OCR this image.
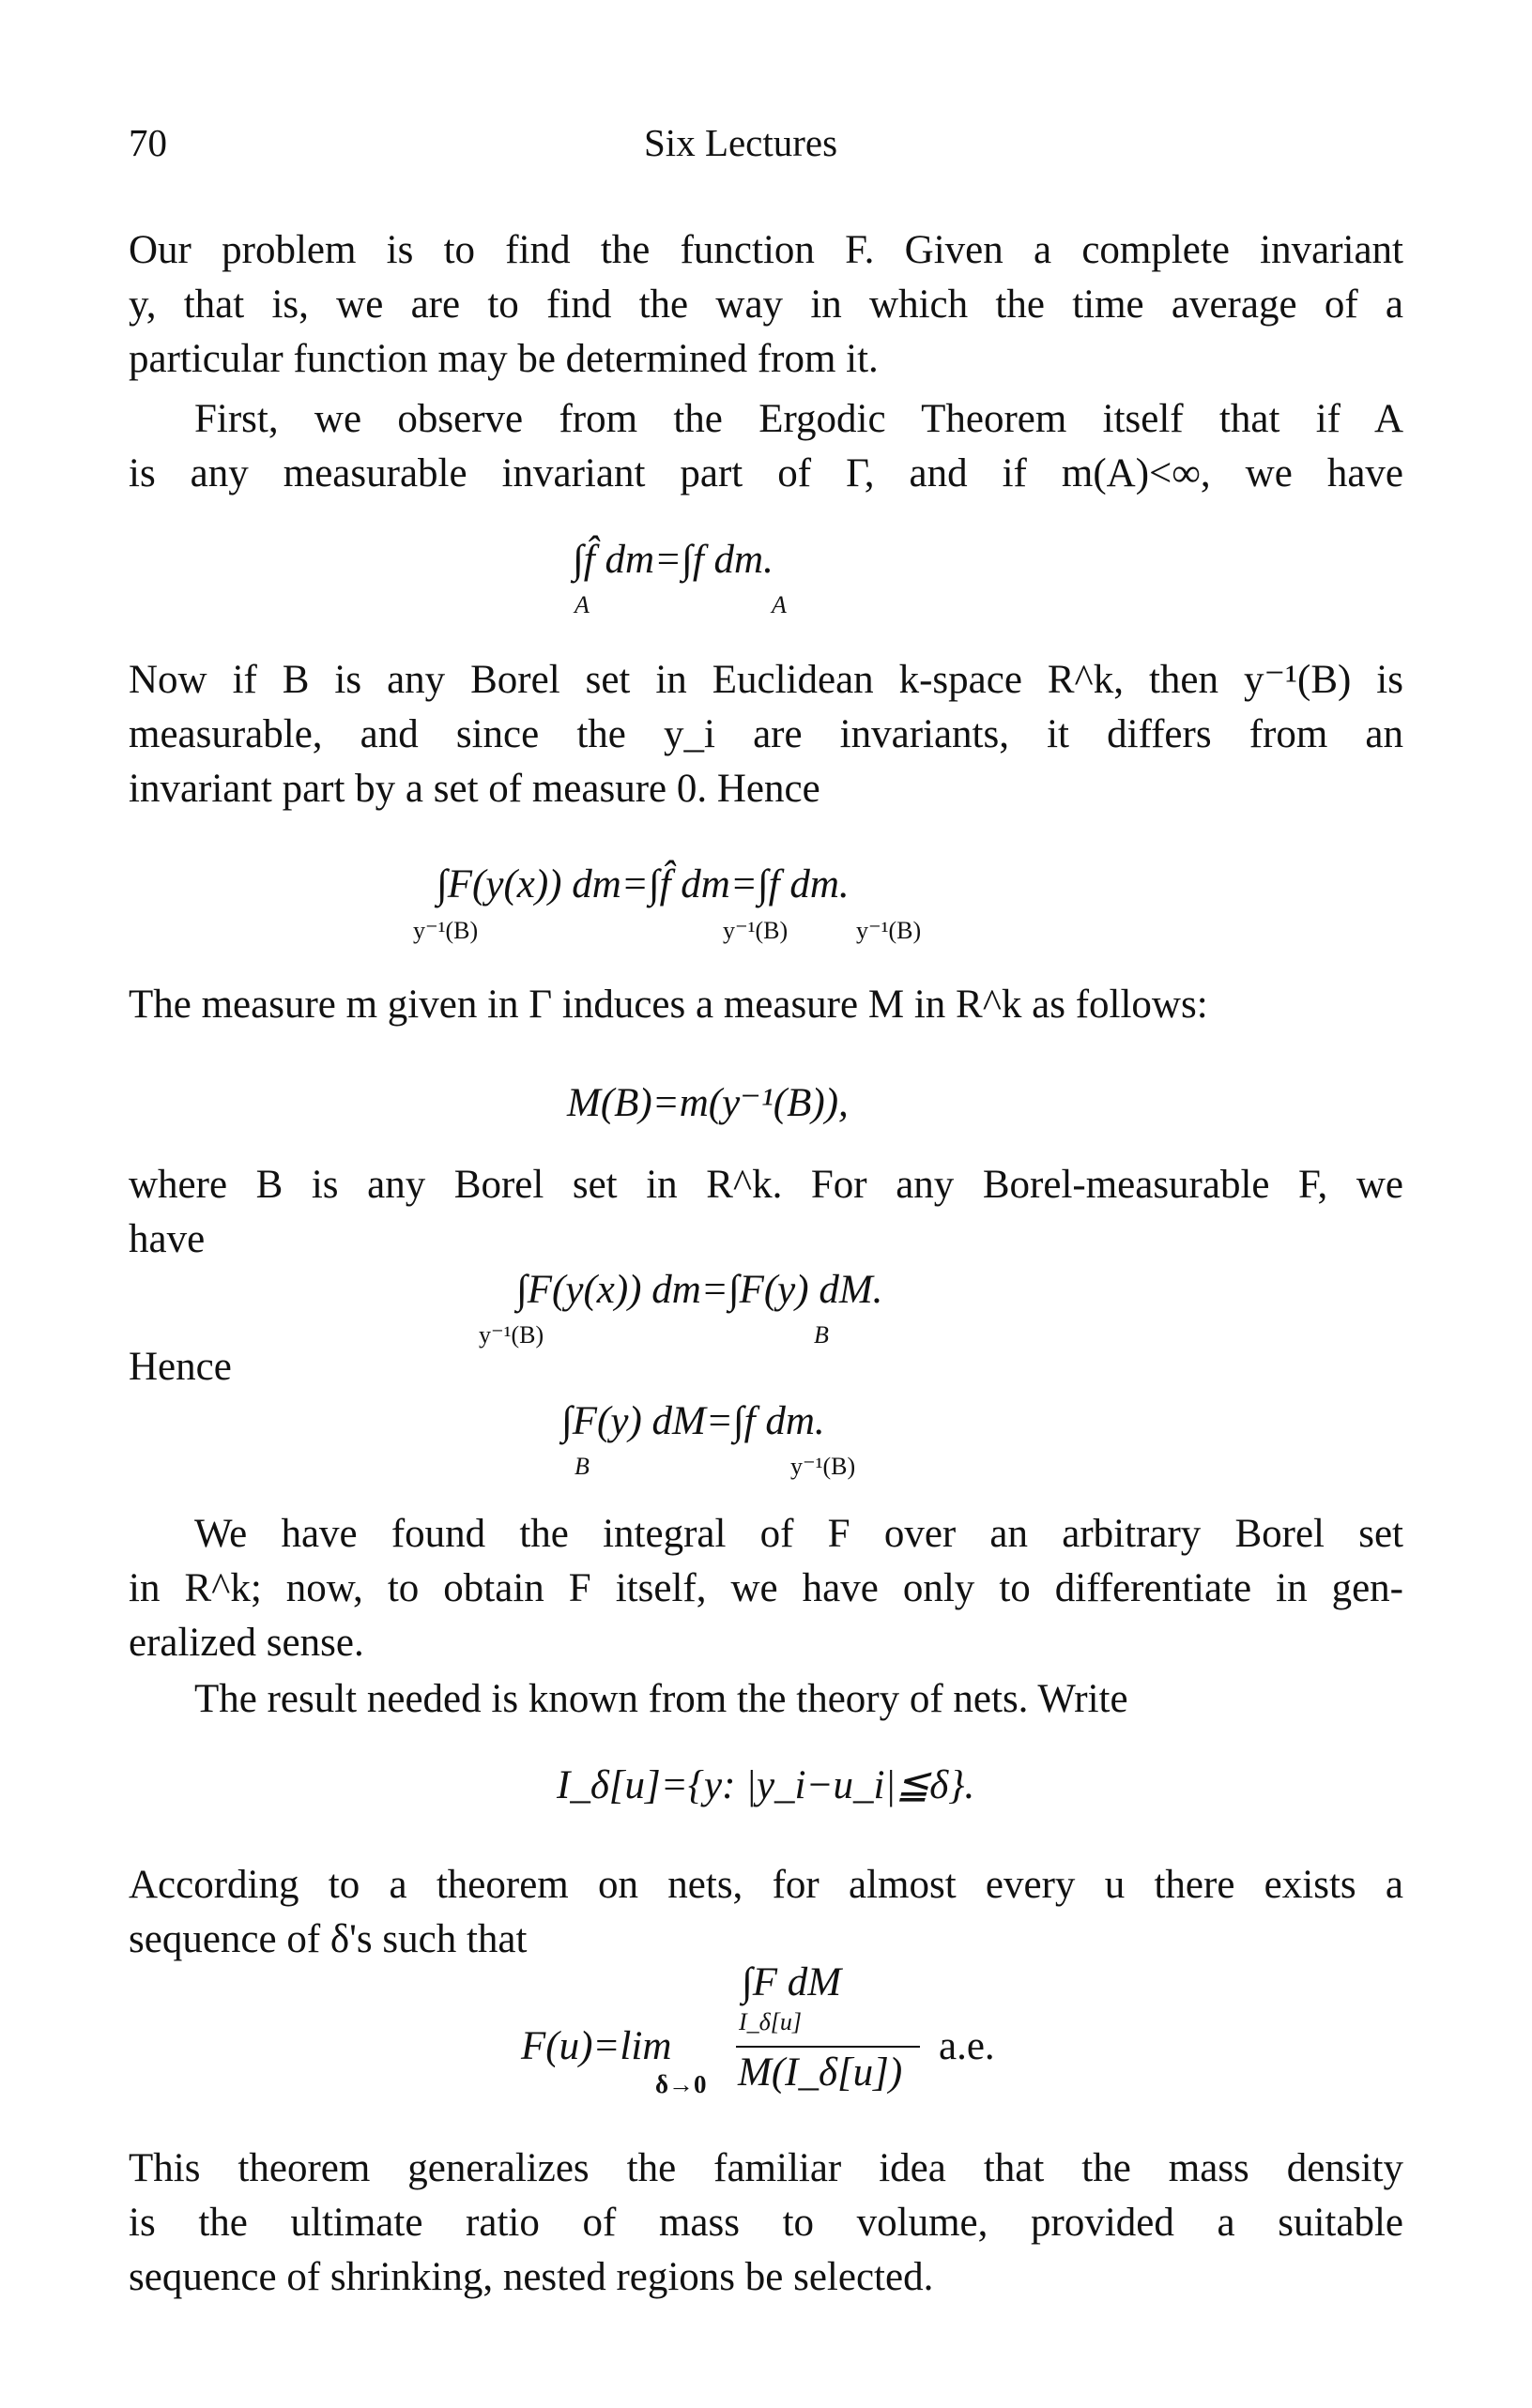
70	Six Lectures
Our problem is to find the function F. Given a complete invariant
y, that is, we are to find the way in which the time average of a
particular function may be determined from it.
First, we observe from the Ergodic Theorem itself that if A
is any measurable invariant part of Γ, and if m(A)<∞, we have
∫f̂ dm=∫f dm.
A	A
Now if B is any Borel set in Euclidean k-space R^k, then y⁻¹(B) is
measurable, and since the y_i are invariants, it differs from an
invariant part by a set of measure 0. Hence
∫F(y(x)) dm=∫f̂ dm=∫f dm.
y⁻¹(B)	y⁻¹(B)	y⁻¹(B)
The measure m given in Γ induces a measure M in R^k as follows:
M(B)=m(y⁻¹(B)),
where B is any Borel set in R^k. For any Borel-measurable F, we
have
∫F(y(x)) dm=∫F(y) dM.
y⁻¹(B)	B
Hence
∫F(y) dM=∫f dm.
B	y⁻¹(B)
We have found the integral of F over an arbitrary Borel set
in R^k; now, to obtain F itself, we have only to differentiate in gen-
eralized sense.
The result needed is known from the theory of nets. Write
I_δ[u]={y: |y_i−u_i|≦δ}.
According to a theorem on nets, for almost every u there exists a
sequence of δ's such that
∫F dM
I_δ[u]
F(u)=lim
M(I_δ[u])
δ→0
a.e.
This theorem generalizes the familiar idea that the mass density
is the ultimate ratio of mass to volume, provided a suitable
sequence of shrinking, nested regions be selected.
